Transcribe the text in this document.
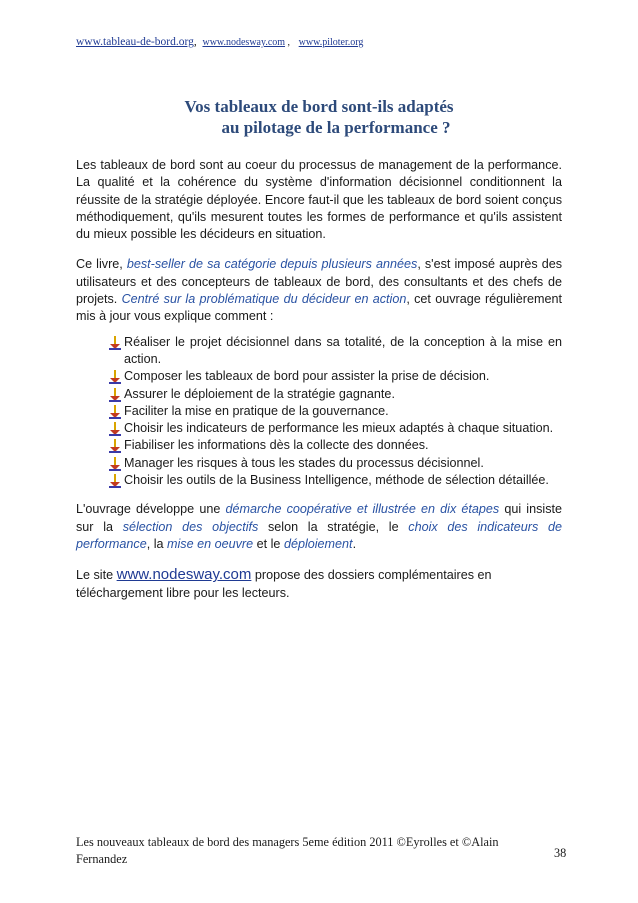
www.tableau-de-bord.org, www.nodesway.com , www.piloter.org
Vos tableaux de bord sont-ils adaptés
au pilotage de la performance ?

Les tableaux de bord sont au coeur du processus de management de la performance. La qualité et la cohérence du système d'information décisionnel conditionnent la réussite de la stratégie déployée. Encore faut-il que les tableaux de bord soient conçus méthodiquement, qu'ils mesurent toutes les formes de performance et qu'ils assistent du mieux possible les décideurs en situation.

Ce livre, best-seller de sa catégorie depuis plusieurs années, s'est imposé auprès des utilisateurs et des concepteurs de tableaux de bord, des consultants et des chefs de projets. Centré sur la problématique du décideur en action, cet ouvrage régulièrement mis à jour vous explique comment :

Réaliser le projet décisionnel dans sa totalité, de la conception à la mise en action.
Composer les tableaux de bord pour assister la prise de décision.
Assurer le déploiement de la stratégie gagnante.
Faciliter la mise en pratique de la gouvernance.
Choisir les indicateurs de performance les mieux adaptés à chaque situation.
Fiabiliser les informations dès la collecte des données.
Manager les risques à tous les stades du processus décisionnel.
Choisir les outils de la Business Intelligence, méthode de sélection détaillée.

L'ouvrage développe une démarche coopérative et illustrée en dix étapes qui insiste sur la sélection des objectifs selon la stratégie, le choix des indicateurs de performance, la mise en oeuvre et le déploiement.

Le site www.nodesway.com propose des dossiers complémentaires en téléchargement libre pour les lecteurs.

Les nouveaux tableaux de bord des managers 5eme édition 2011 ©Eyrolles et ©Alain Fernandez	38
